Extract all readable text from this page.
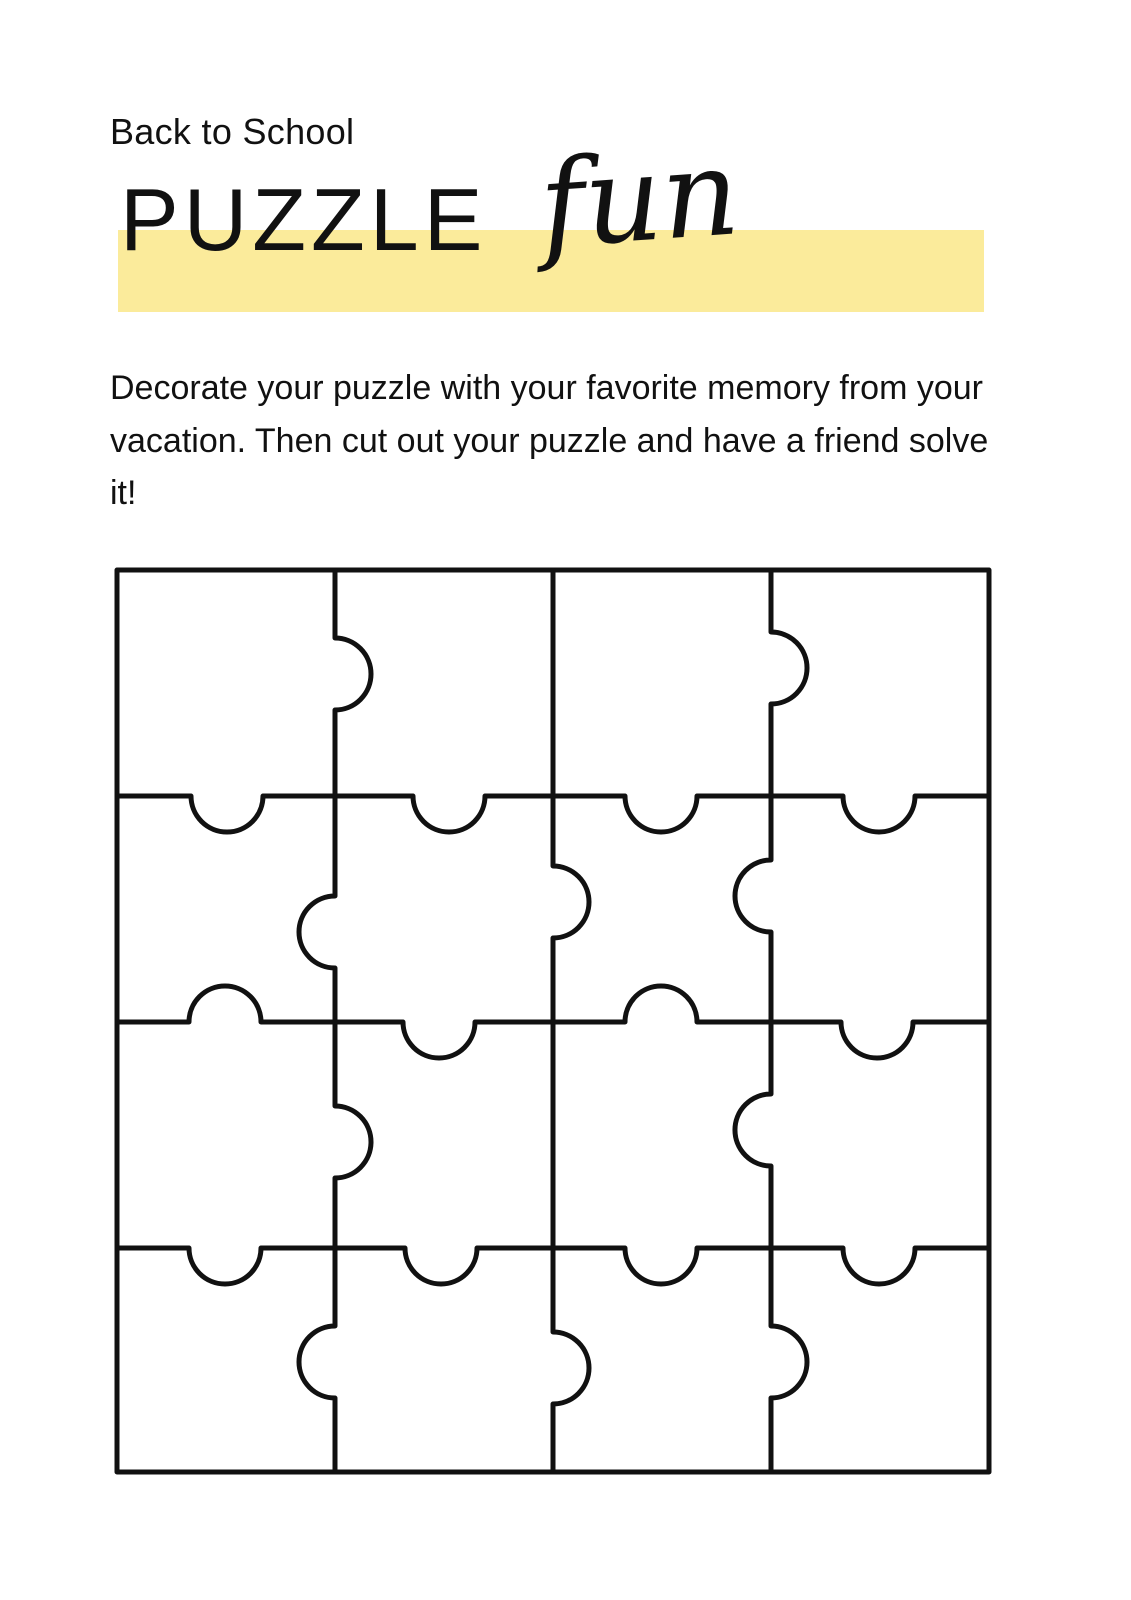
Back to School
PUZZLE fun
Decorate your puzzle with your favorite memory from your vacation. Then cut out your puzzle and have a friend solve it!
